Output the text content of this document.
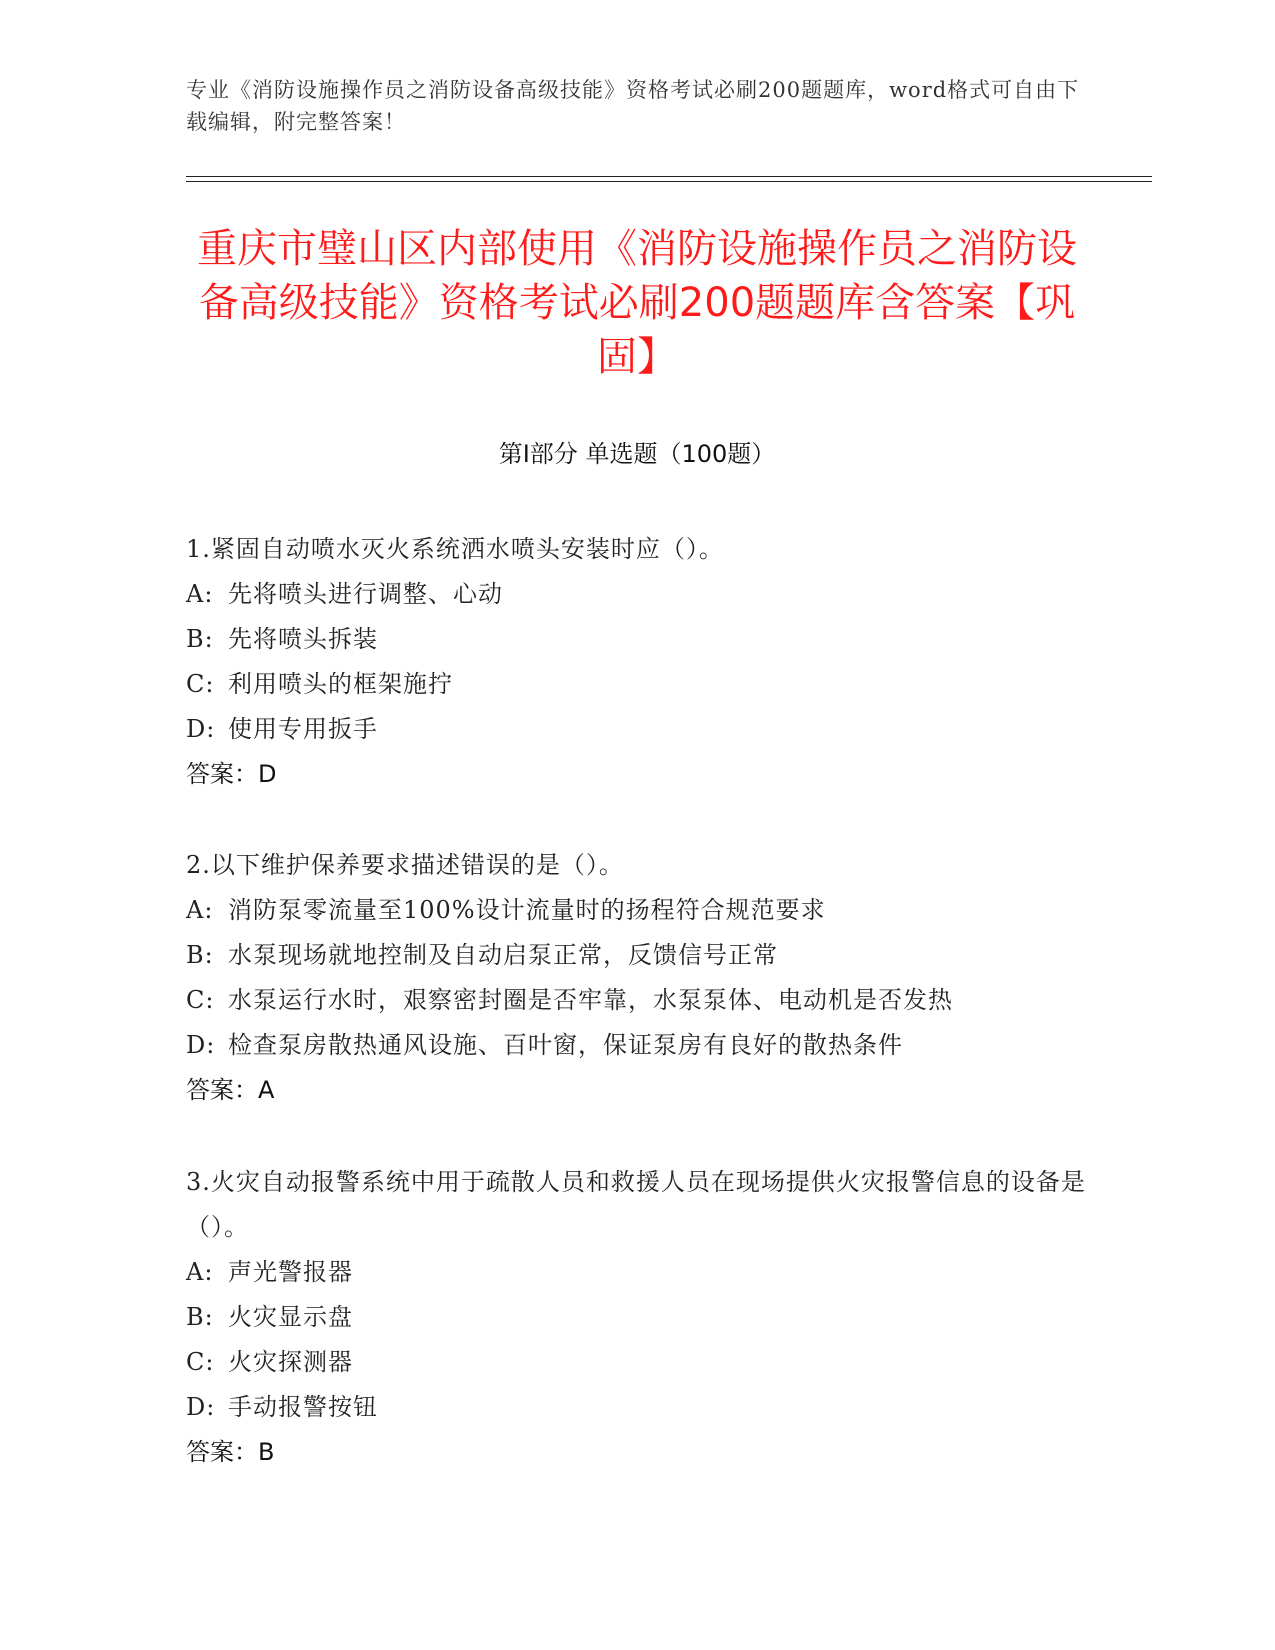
专业《消防设施操作员之消防设备高级技能》资格考试必刷200题题库，word格式可自由下载编辑，附完整答案！
重庆市璧山区内部使用《消防设施操作员之消防设备高级技能》资格考试必刷200题题库含答案【巩固】
第I部分 单选题（100题）
1.紧固自动喷水灭火系统洒水喷头安装时应（）。
A: 先将喷头进行调整、心动
B: 先将喷头拆装
C: 利用喷头的框架施拧
D: 使用专用扳手
答案：D
2.以下维护保养要求描述错误的是（）。
A: 消防泵零流量至100%设计流量时的扬程符合规范要求
B: 水泵现场就地控制及自动启泵正常，反馈信号正常
C: 水泵运行水时，艰察密封圈是否牢靠，水泵泵体、电动机是否发热
D: 检查泵房散热通风设施、百叶窗，保证泵房有良好的散热条件
答案：A
3.火灾自动报警系统中用于疏散人员和救援人员在现场提供火灾报警信息的设备是（）。
A: 声光警报器
B: 火灾显示盘
C: 火灾探测器
D: 手动报警按钮
答案：B
